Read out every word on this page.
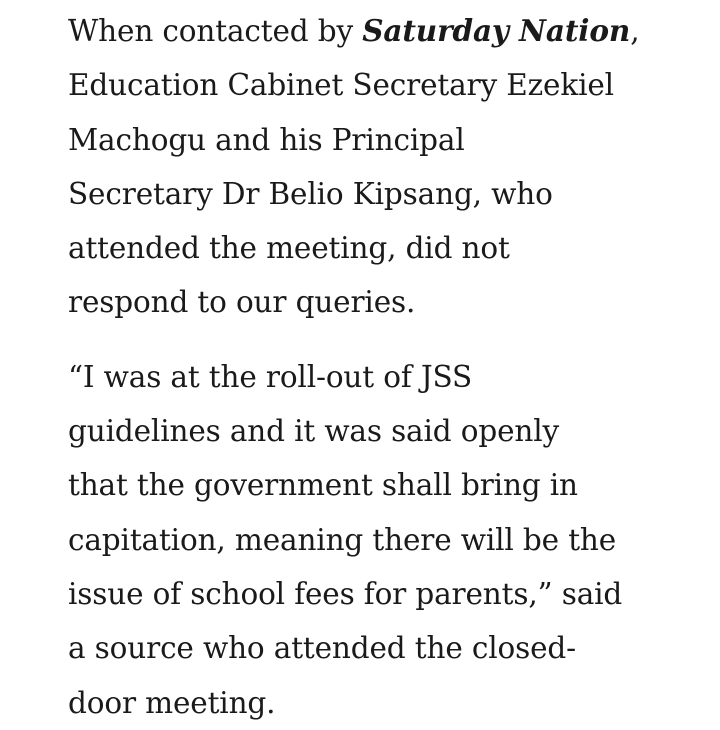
When contacted by Saturday Nation,
Education Cabinet Secretary Ezekiel
Machogu and his Principal
Secretary Dr Belio Kipsang, who
attended the meeting, did not
respond to our queries.
“I was at the roll-out of JSS
guidelines and it was said openly
that the government shall bring in
capitation, meaning there will be the
issue of school fees for parents,” said
a source who attended the closed-
door meeting.
